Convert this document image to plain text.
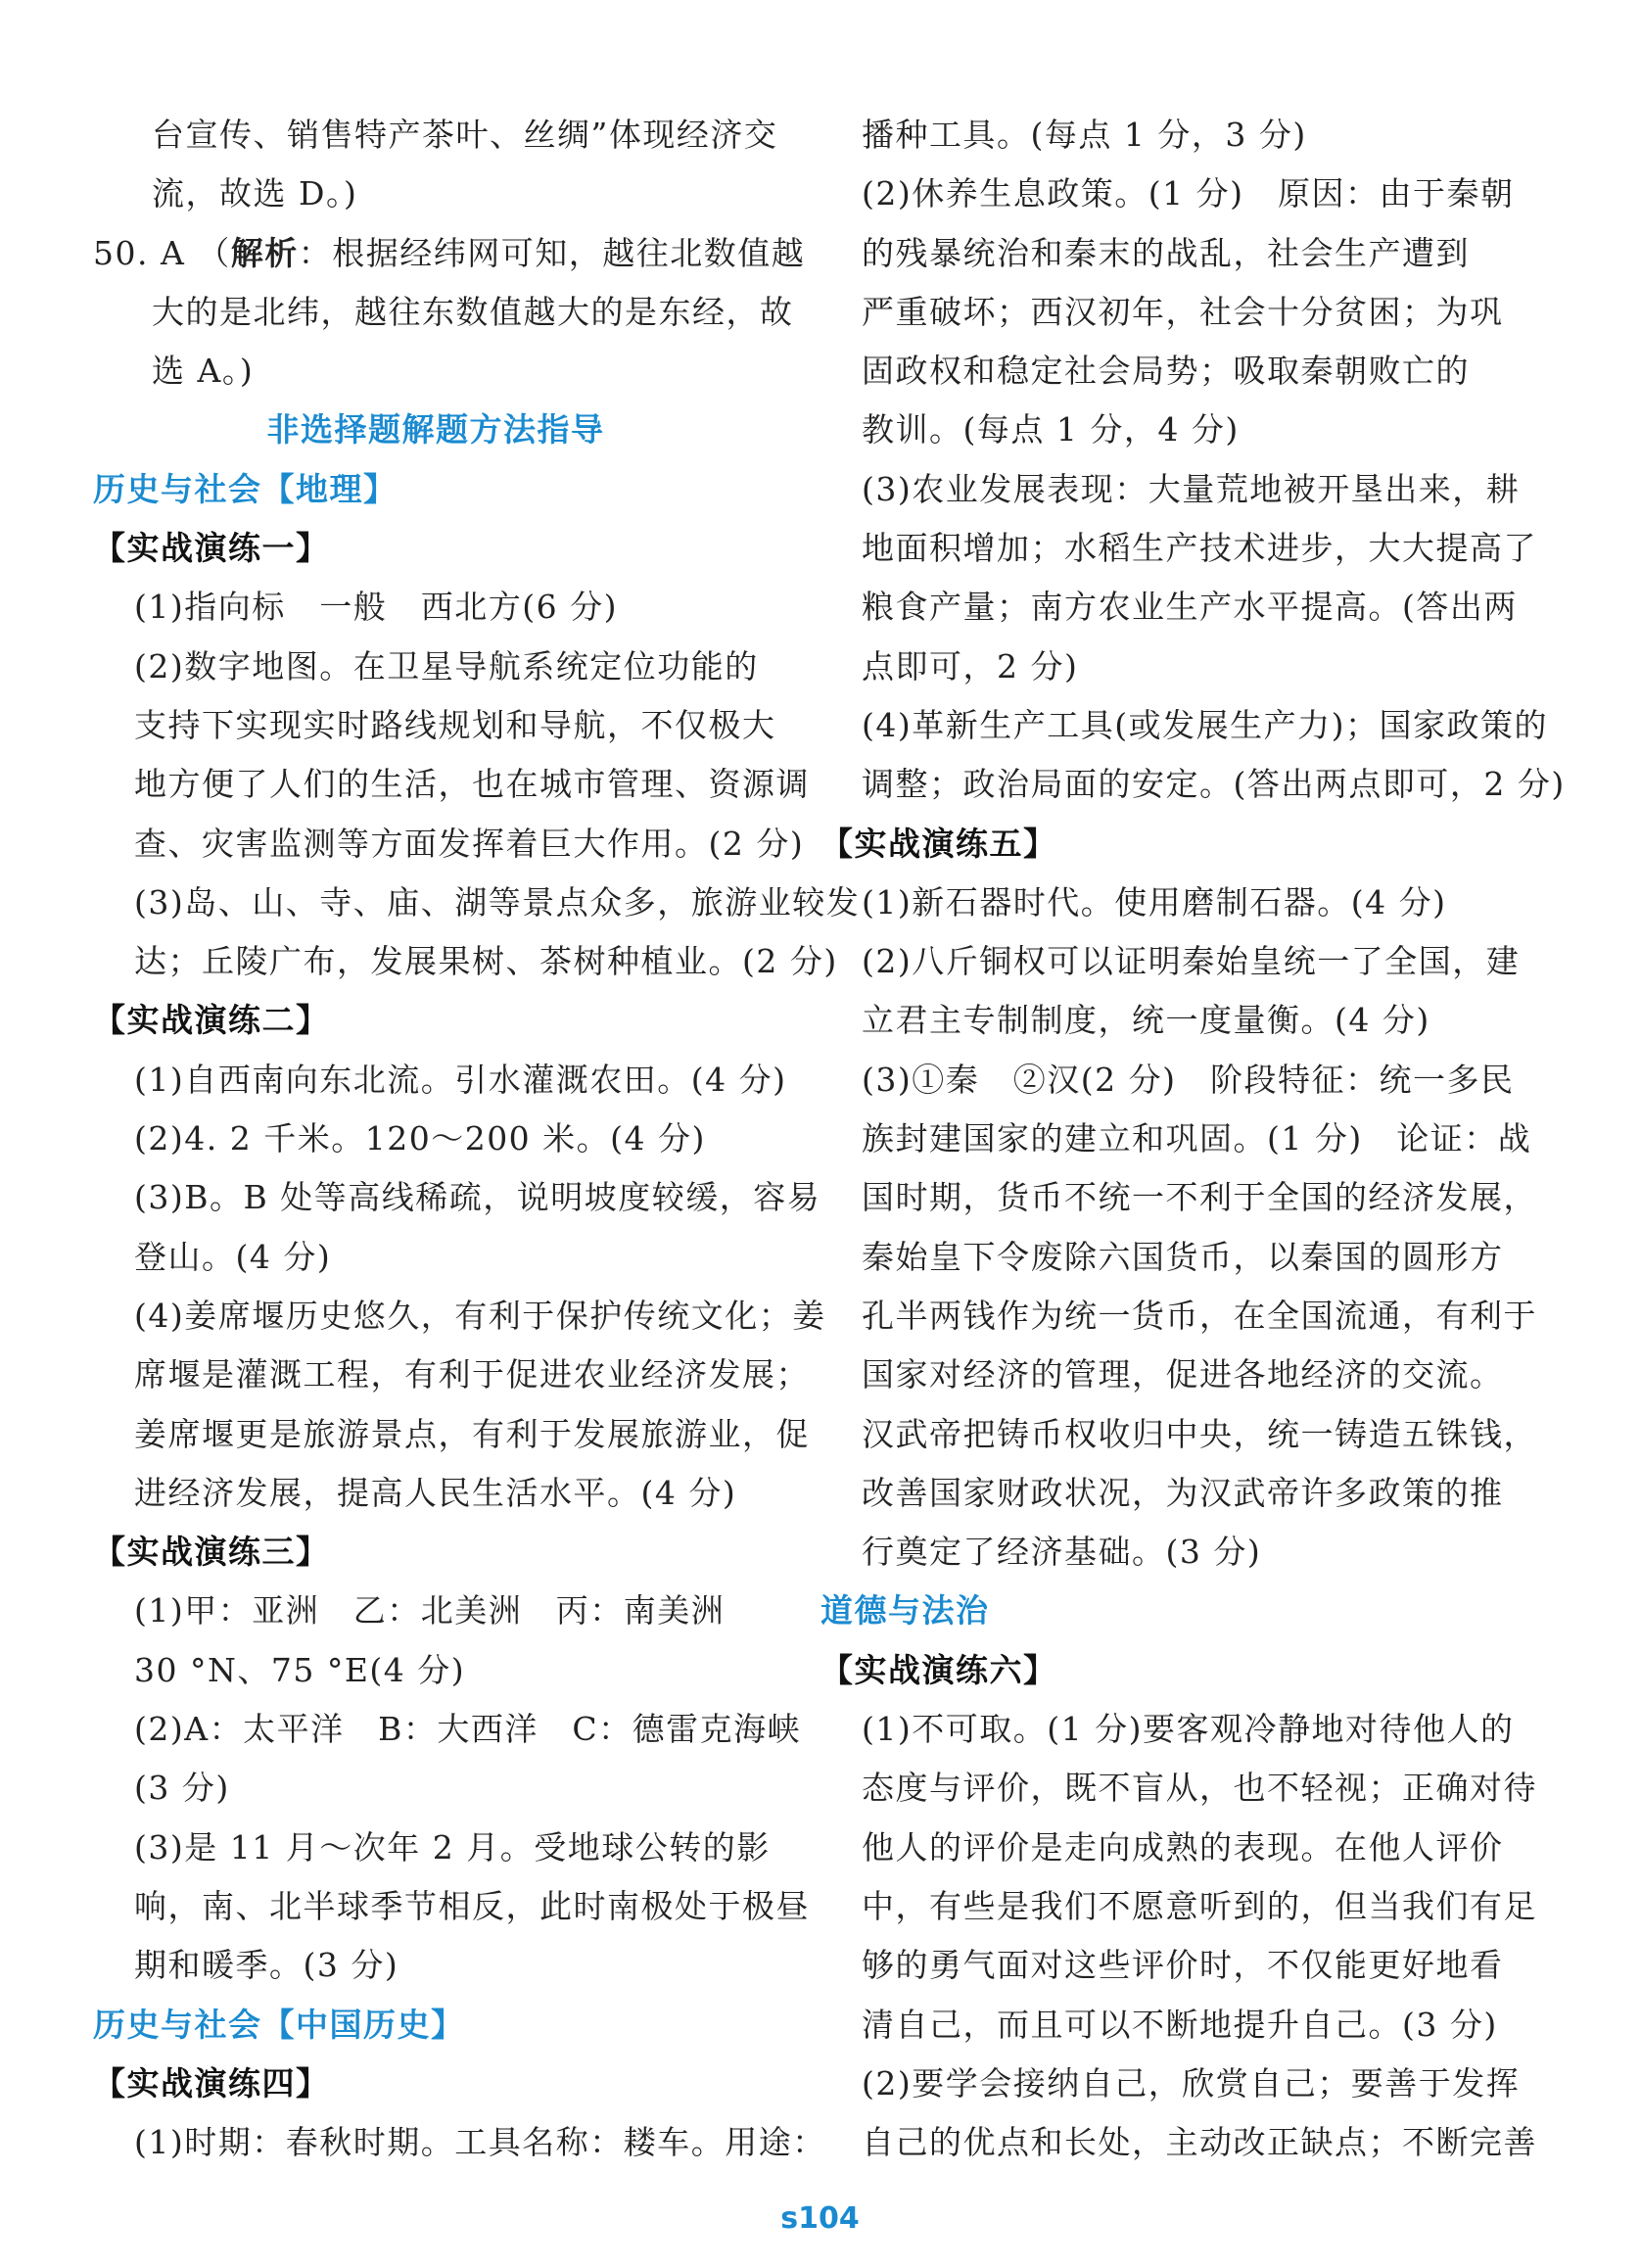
台宣传、销售特产茶叶、丝绸”体现经济交
流，故选 D。)
50. A （解析：根据经纬网可知，越往北数值越
大的是北纬，越往东数值越大的是东经，故
选 A。)
非选择题解题方法指导
历史与社会【地理】
【实战演练一】
(1)指向标　一般　西北方(6 分)
(2)数字地图。在卫星导航系统定位功能的
支持下实现实时路线规划和导航，不仅极大
地方便了人们的生活，也在城市管理、资源调
查、灾害监测等方面发挥着巨大作用。(2 分)
(3)岛、山、寺、庙、湖等景点众多，旅游业较发
达；丘陵广布，发展果树、茶树种植业。(2 分)
【实战演练二】
(1)自西南向东北流。引水灌溉农田。(4 分)
(2)4. 2 千米。120～200 米。(4 分)
(3)B。B 处等高线稀疏，说明坡度较缓，容易
登山。(4 分)
(4)姜席堰历史悠久，有利于保护传统文化；姜
席堰是灌溉工程，有利于促进农业经济发展；
姜席堰更是旅游景点，有利于发展旅游业，促
进经济发展，提高人民生活水平。(4 分)
【实战演练三】
(1)甲：亚洲　乙：北美洲　丙：南美洲
30 °N、75 °E(4 分)
(2)A：太平洋　B：大西洋　C：德雷克海峡
(3 分)
(3)是 11 月～次年 2 月。受地球公转的影
响，南、北半球季节相反，此时南极处于极昼
期和暖季。(3 分)
历史与社会【中国历史】
【实战演练四】
(1)时期：春秋时期。工具名称：耧车。用途：
播种工具。(每点 1 分，3 分)
(2)休养生息政策。(1 分)　原因：由于秦朝
的残暴统治和秦末的战乱，社会生产遭到
严重破坏；西汉初年，社会十分贫困；为巩
固政权和稳定社会局势；吸取秦朝败亡的
教训。(每点 1 分，4 分)
(3)农业发展表现：大量荒地被开垦出来，耕
地面积增加；水稻生产技术进步，大大提高了
粮食产量；南方农业生产水平提高。(答出两
点即可，2 分)
(4)革新生产工具(或发展生产力)；国家政策的
调整；政治局面的安定。(答出两点即可，2 分)
【实战演练五】
(1)新石器时代。使用磨制石器。(4 分)
(2)八斤铜权可以证明秦始皇统一了全国，建
立君主专制制度，统一度量衡。(4 分)
(3)①秦　②汉(2 分)　阶段特征：统一多民
族封建国家的建立和巩固。(1 分)　论证：战
国时期，货币不统一不利于全国的经济发展，
秦始皇下令废除六国货币，以秦国的圆形方
孔半两钱作为统一货币，在全国流通，有利于
国家对经济的管理，促进各地经济的交流。
汉武帝把铸币权收归中央，统一铸造五铢钱，
改善国家财政状况，为汉武帝许多政策的推
行奠定了经济基础。(3 分)
道德与法治
【实战演练六】
(1)不可取。(1 分)要客观冷静地对待他人的
态度与评价，既不盲从，也不轻视；正确对待
他人的评价是走向成熟的表现。在他人评价
中，有些是我们不愿意听到的，但当我们有足
够的勇气面对这些评价时，不仅能更好地看
清自己，而且可以不断地提升自己。(3 分)
(2)要学会接纳自己，欣赏自己；要善于发挥
自己的优点和长处，主动改正缺点；不断完善
s104
